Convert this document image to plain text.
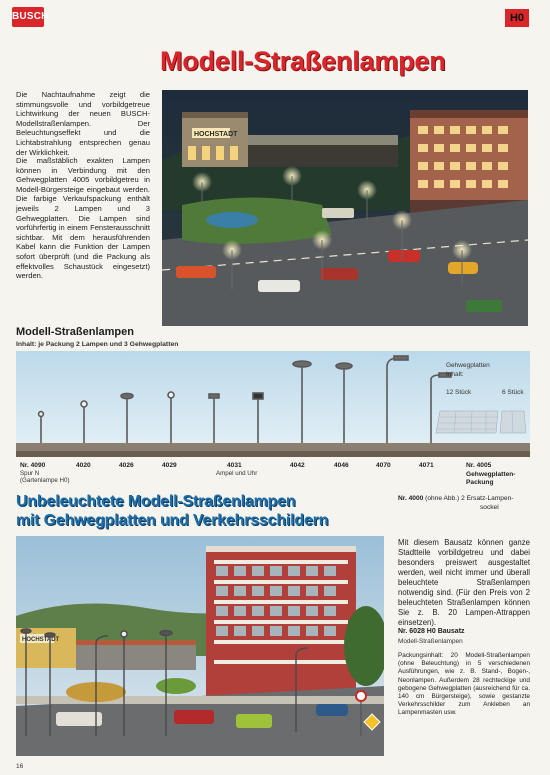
BUSCH	H0
Modell-Straßenlampen
Die Nachtaufnahme zeigt die stimmungsvolle und vorbildgetreue Lichtwirkung der neuen BUSCH-Modellstraßenlampen. Der Beleuchtungseffekt und die Lichtabstrahlung entsprechen genau der Wirklichkeit.
Die maßstäblich exakten Lampen können in Verbindung mit den Gehwegplatten 4005 vorbildgetreu in Modell-Bürgersteige eingebaut werden. Die farbige Verkaufspackung enthält jeweils 2 Lampen und 3 Gehwegplatten. Die Lampen sind vorführfertig in einem Fensterausschnitt sichtbar. Mit dem herausführenden Kabel kann die Funktion der Lampen sofort überprüft (und die Packung als effektvolles Schaustück eingesetzt) werden.
HOCHSTADT
Modell-Straßenlampen
Inhalt: je Packung 2 Lampen und 3 Gehwegplatten
Gehwegplatten
Inhalt:
12 Stück	6 Stück
Nr. 4090
Spur N
(Gartenlampe H0)
4020	4026	4029	4031
Ampel und Uhr
4042	4046	4070	4071	Nr. 4005
Gehwegplatten-
Packung
Nr. 4000 (ohne Abb.) 2 Ersatz-Lampen-
sockel
Unbeleuchtete Modell-Straßenlampen
mit Gehwegplatten und Verkehrsschildern
HOCHSTADT
Mit diesem Bausatz können ganze Stadtteile vorbildgetreu und dabei besonders preiswert ausgestaltet werden, weil nicht immer und überall beleuchtete Straßenlampen notwendig sind. (Für den Preis von 2 beleuchteten Straßenlampen können Sie z. B. 20 Lampen-Attrappen einsetzen).
Nr. 6028 H0 Bausatz
Modell-Straßenlampen
Packungsinhalt: 20 Modell-Straßenlampen (ohne Beleuchtung) in 5 verschiedenen Ausführungen, wie z. B. Stand-, Bogen-, Neonlampen. Außerdem 28 rechteckige und gebogene Gehwegplatten (ausreichend für ca. 140 cm Bürgersteige), sowie gestanzte Verkehrsschilder zum Ankleben an Lampenmasten usw.
16
